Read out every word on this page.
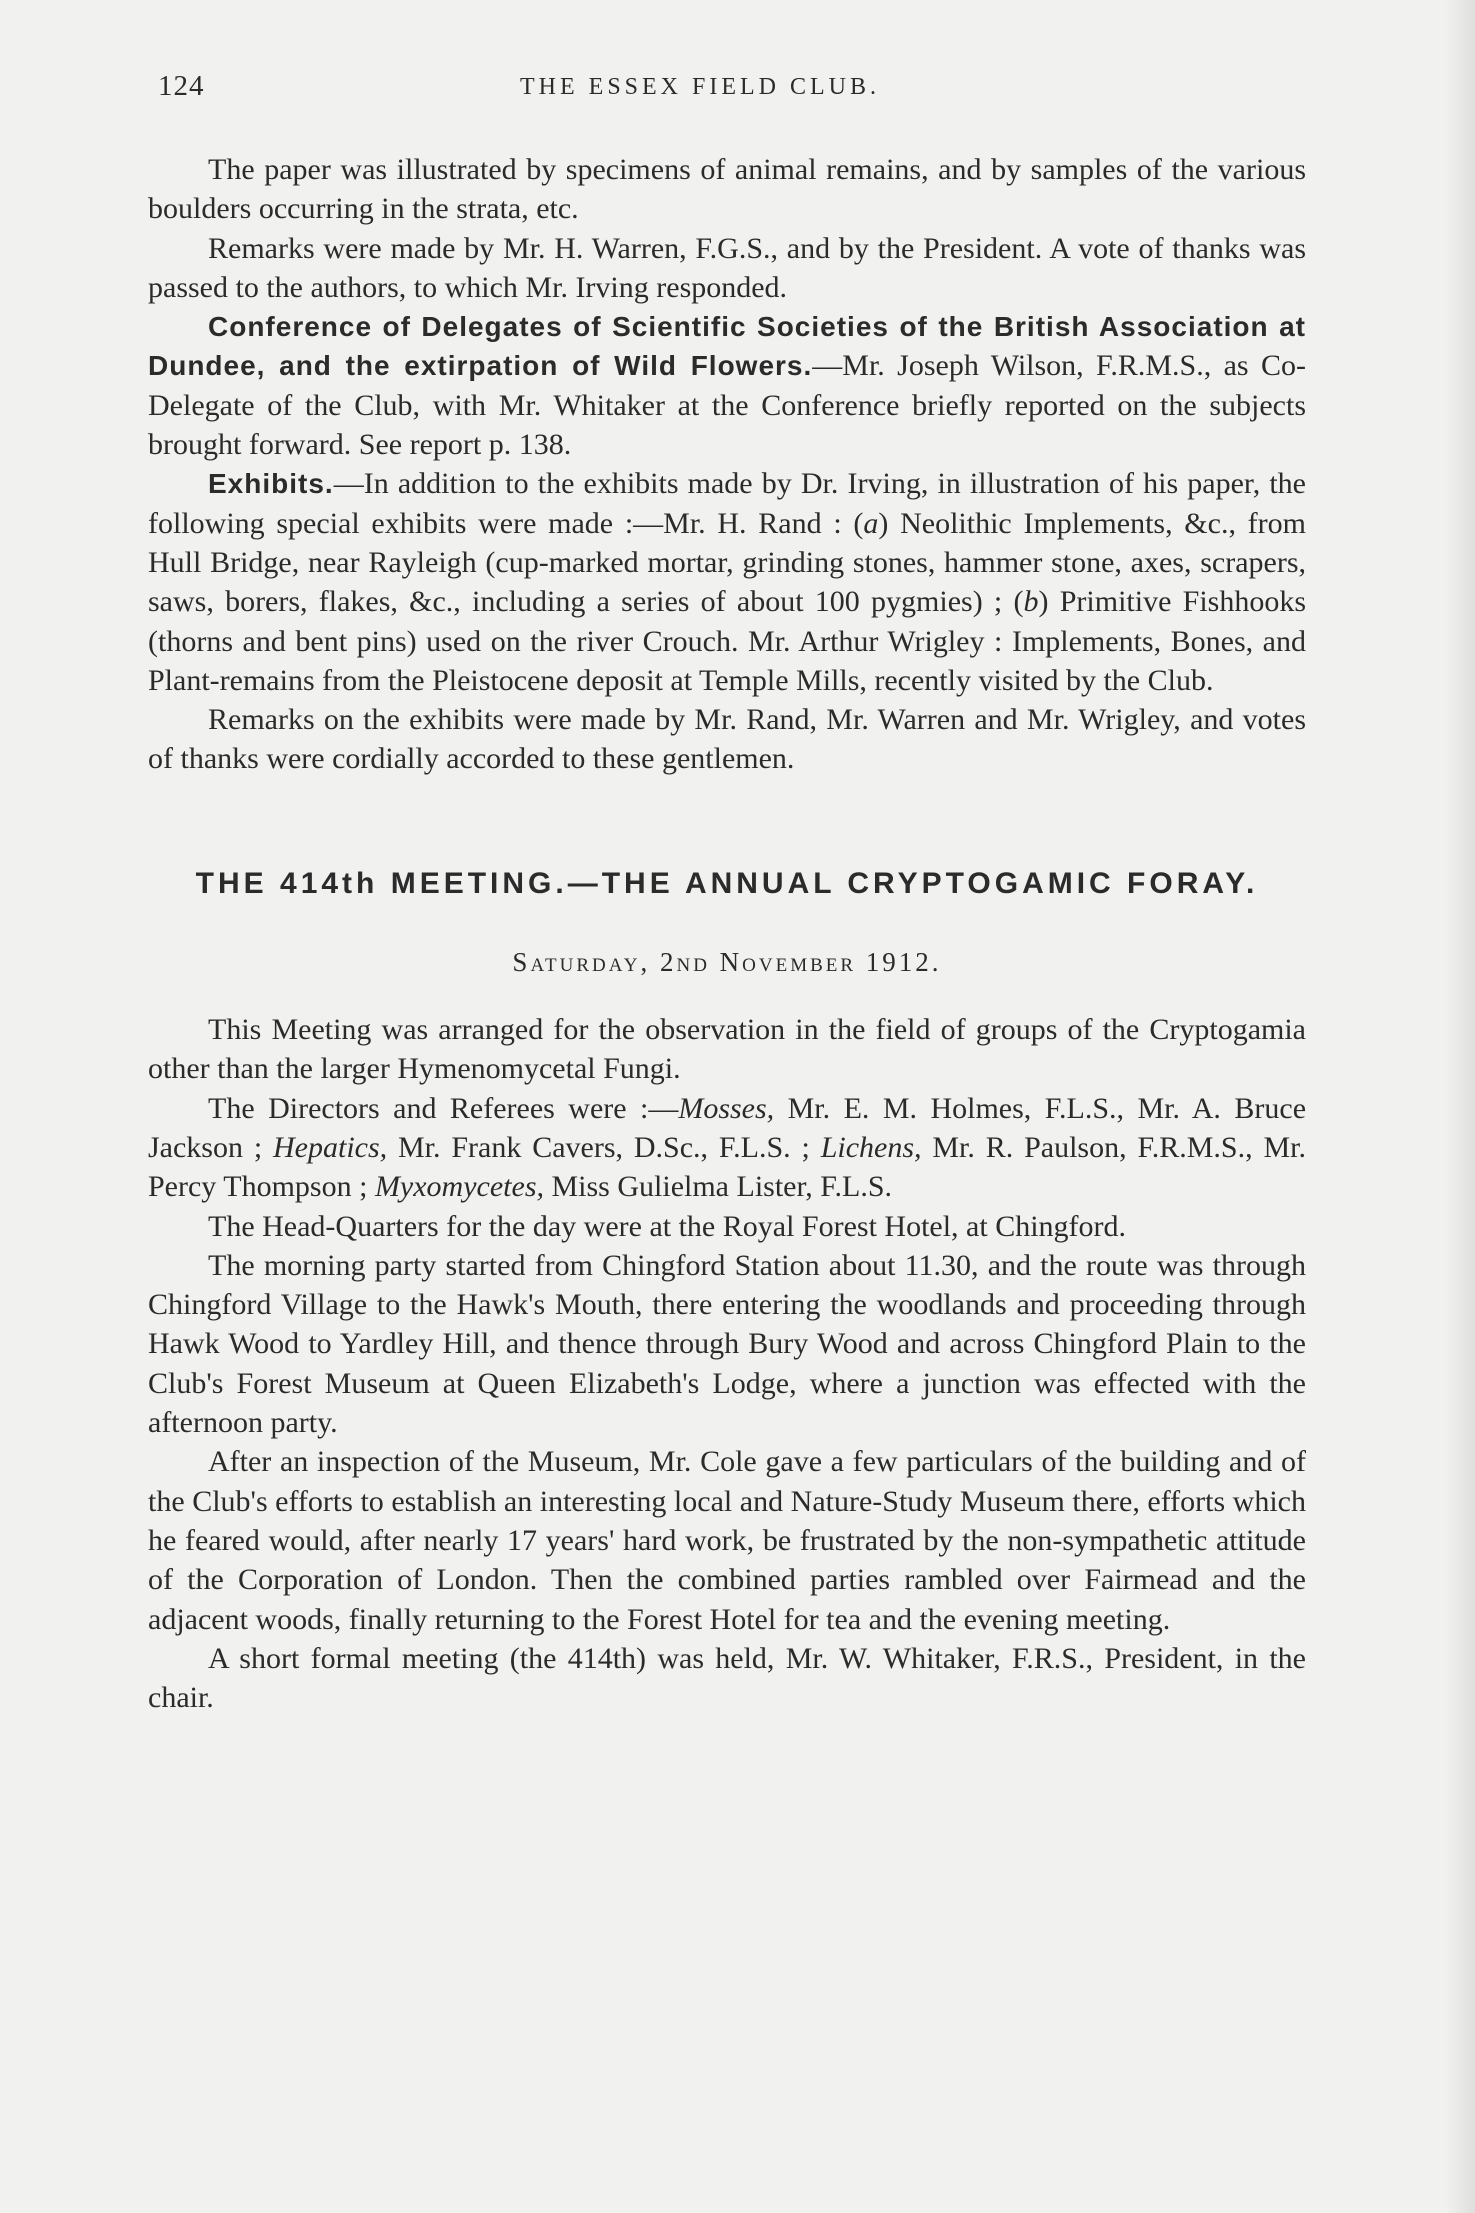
124	THE ESSEX FIELD CLUB.

The paper was illustrated by specimens of animal remains, and by samples of the various boulders occurring in the strata, etc.

Remarks were made by Mr. H. Warren, F.G.S., and by the President. A vote of thanks was passed to the authors, to which Mr. Irving responded.

Conference of Delegates of Scientific Societies of the British Association at Dundee, and the extirpation of Wild Flowers.—Mr. Joseph Wilson, F.R.M.S., as Co-Delegate of the Club, with Mr. Whitaker at the Conference briefly reported on the subjects brought forward. See report p. 138.

Exhibits.—In addition to the exhibits made by Dr. Irving, in illustration of his paper, the following special exhibits were made :—Mr. H. Rand : (a) Neolithic Implements, &c., from Hull Bridge, near Rayleigh (cup-marked mortar, grinding stones, hammer stone, axes, scrapers, saws, borers, flakes, &c., including a series of about 100 pygmies) ; (b) Primitive Fishhooks (thorns and bent pins) used on the river Crouch. Mr. Arthur Wrigley : Implements, Bones, and Plant-remains from the Pleistocene deposit at Temple Mills, recently visited by the Club.

Remarks on the exhibits were made by Mr. Rand, Mr. Warren and Mr. Wrigley, and votes of thanks were cordially accorded to these gentlemen.

THE 414th MEETING.—THE ANNUAL CRYPTOGAMIC FORAY.
Saturday, 2nd November 1912.

This Meeting was arranged for the observation in the field of groups of the Cryptogamia other than the larger Hymenomycetal Fungi.

The Directors and Referees were :—Mosses, Mr. E. M. Holmes, F.L.S., Mr. A. Bruce Jackson ; Hepatics, Mr. Frank Cavers, D.Sc., F.L.S. ; Lichens, Mr. R. Paulson, F.R.M.S., Mr. Percy Thompson ; Myxomycetes, Miss Gulielma Lister, F.L.S.

The Head-Quarters for the day were at the Royal Forest Hotel, at Chingford.

The morning party started from Chingford Station about 11.30, and the route was through Chingford Village to the Hawk's Mouth, there entering the woodlands and proceeding through Hawk Wood to Yardley Hill, and thence through Bury Wood and across Chingford Plain to the Club's Forest Museum at Queen Elizabeth's Lodge, where a junction was effected with the afternoon party.

After an inspection of the Museum, Mr. Cole gave a few particulars of the building and of the Club's efforts to establish an interesting local and Nature-Study Museum there, efforts which he feared would, after nearly 17 years' hard work, be frustrated by the non-sympathetic attitude of the Corporation of London. Then the combined parties rambled over Fairmead and the adjacent woods, finally returning to the Forest Hotel for tea and the evening meeting.

A short formal meeting (the 414th) was held, Mr. W. Whitaker, F.R.S., President, in the chair.
